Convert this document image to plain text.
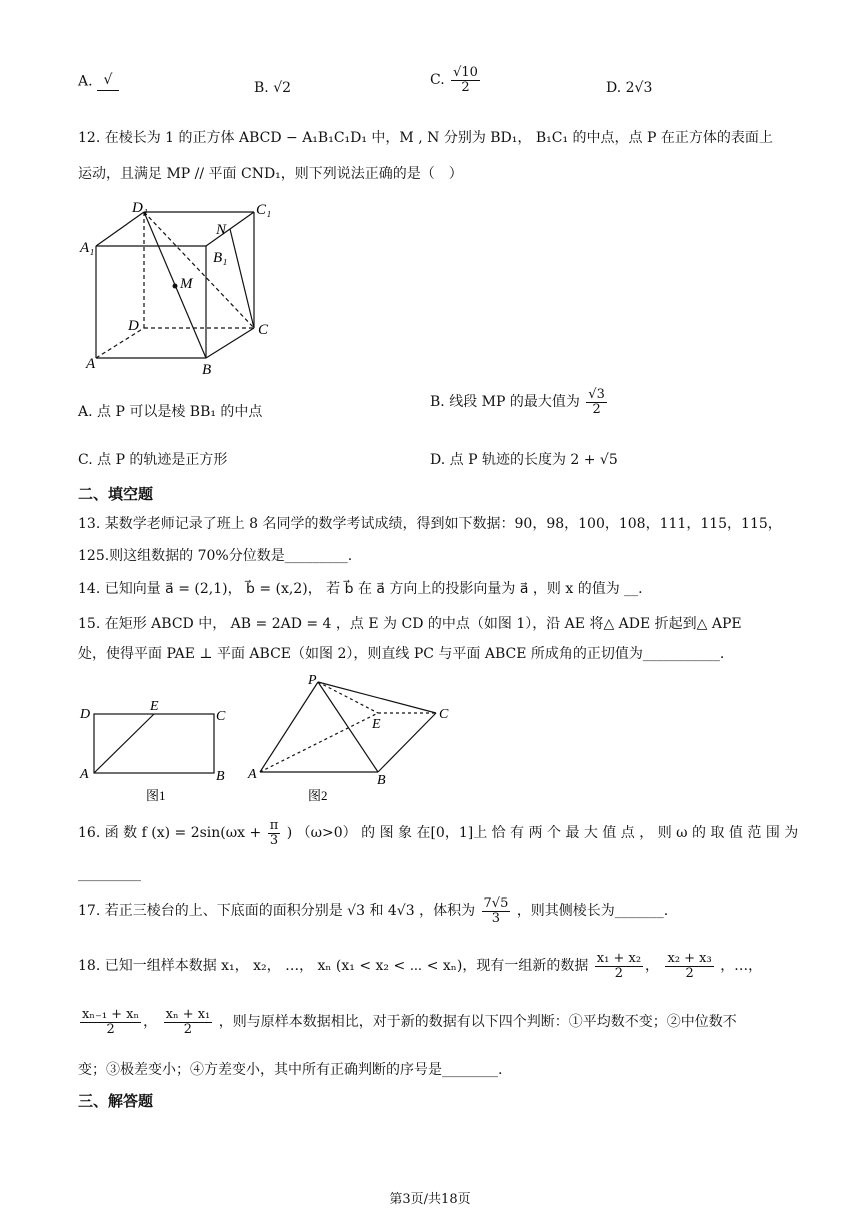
A. √	B. √2	C. $\frac{√10}{2}$	D. 2√3
12. 在棱长为 1 的正方体 ABCD − A₁B₁C₁D₁ 中，M , N 分别为 BD₁， B₁C₁ 的中点，点 P 在正方体的表面上
运动，且满足 MP // 平面 CND₁，则下列说法正确的是（　）
D₁	C₁
A₁
B₁
N
M
D	C
A	B
A. 点 P 可以是棱 BB₁ 的中点
B. 线段 MP 的最大值为 $\frac{√3}{2}$
C. 点 P 的轨迹是正方形	D. 点 P 轨迹的长度为 2 + √5
二、填空题
13. 某数学老师记录了班上 8 名同学的数学考试成绩，得到如下数据：90，98，100，108，111，115，115，
125.则这组数据的 70%分位数是_________.
14. 已知向量 a⃗ = (2,1)， b⃗ = (x,2)， 若 b⃗ 在 a⃗ 方向上的投影向量为 a⃗ ，则 x 的值为 __.
15. 在矩形 ABCD 中， AB = 2AD = 4 ，点 E 为 CD 的中点（如图 1），沿 AE 将△ ADE 折起到△ APE
处，使得平面 PAE ⊥ 平面 ABCE（如图 2），则直线 PC 与平面 ABCE 所成角的正切值为___________.
D
E
C
A	B
图1
P
E
C
A	B
图2
16. 函 数 f $(x) = 2\sin(\omega x + \frac{\pi}{3}$ ) （ω>0） 的 图 象 在[0，1]上 恰 有 两 个 最 大 值 点 ， 则 ω 的 取 值 范 围 为
_________
17. 若正三棱台的上、下底面的面积分别是 √3 和 4√3 ，体积为 $\frac{7√5}{3}$ ，则其侧棱长为_______.
18. 已知一组样本数据 x₁， x₂， …， xₙ (x₁ < x₂ < ⋯ < xₙ)，现有一组新的数据 $\frac{\text{x₁ + x₂}}{2}$ ， $\frac{\text{x₂ + x₃}}{2}$ ，…，
$\frac{\text{xₙ₋₁ + xₙ}}{2}$ ， $\frac{\text{xₙ + x₁}}{2}$ ，则与原样本数据相比，对于新的数据有以下四个判断：①平均数不变；②中位数不
变；③极差变小；④方差变小，其中所有正确判断的序号是________.
三、解答题
第3页/共18页
